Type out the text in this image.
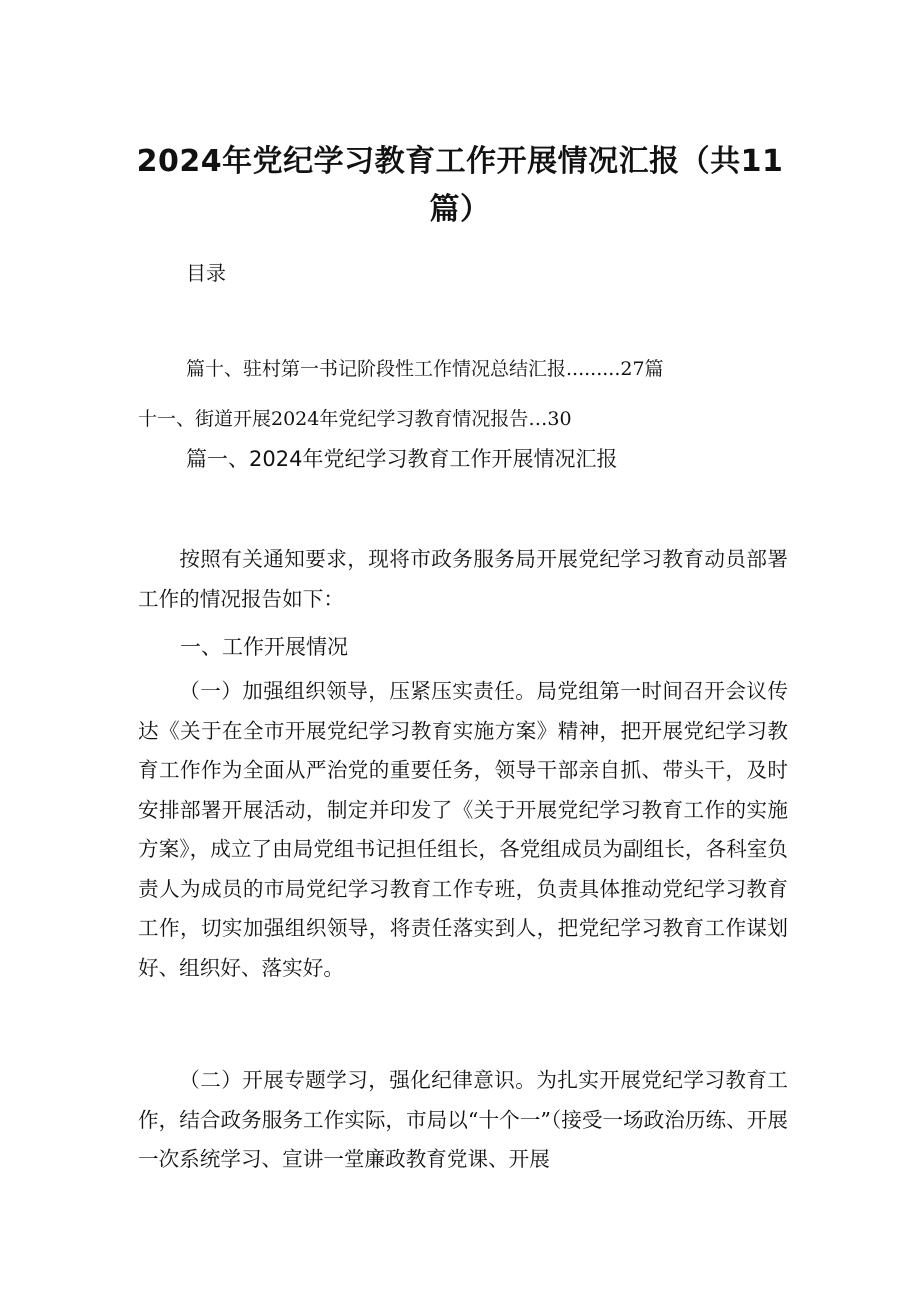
2024年党纪学习教育工作开展情况汇报（共11篇）
目录
篇十、驻村第一书记阶段性工作情况总结汇报.........27篇
十一、街道开展2024年党纪学习教育情况报告…30
篇一、2024年党纪学习教育工作开展情况汇报
按照有关通知要求，现将市政务服务局开展党纪学习教育动员部署工作的情况报告如下：
一、工作开展情况
（一）加强组织领导，压紧压实责任。局党组第一时间召开会议传达《关于在全市开展党纪学习教育实施方案》精神，把开展党纪学习教育工作作为全面从严治党的重要任务，领导干部亲自抓、带头干，及时安排部署开展活动，制定并印发了《关于开展党纪学习教育工作的实施方案》，成立了由局党组书记担任组长，各党组成员为副组长，各科室负责人为成员的市局党纪学习教育工作专班，负责具体推动党纪学习教育工作，切实加强组织领导，将责任落实到人，把党纪学习教育工作谋划好、组织好、落实好。
（二）开展专题学习，强化纪律意识。为扎实开展党纪学习教育工作，结合政务服务工作实际，市局以“十个一”（接受一场政治历练、开展一次系统学习、宣讲一堂廉政教育党课、开展
